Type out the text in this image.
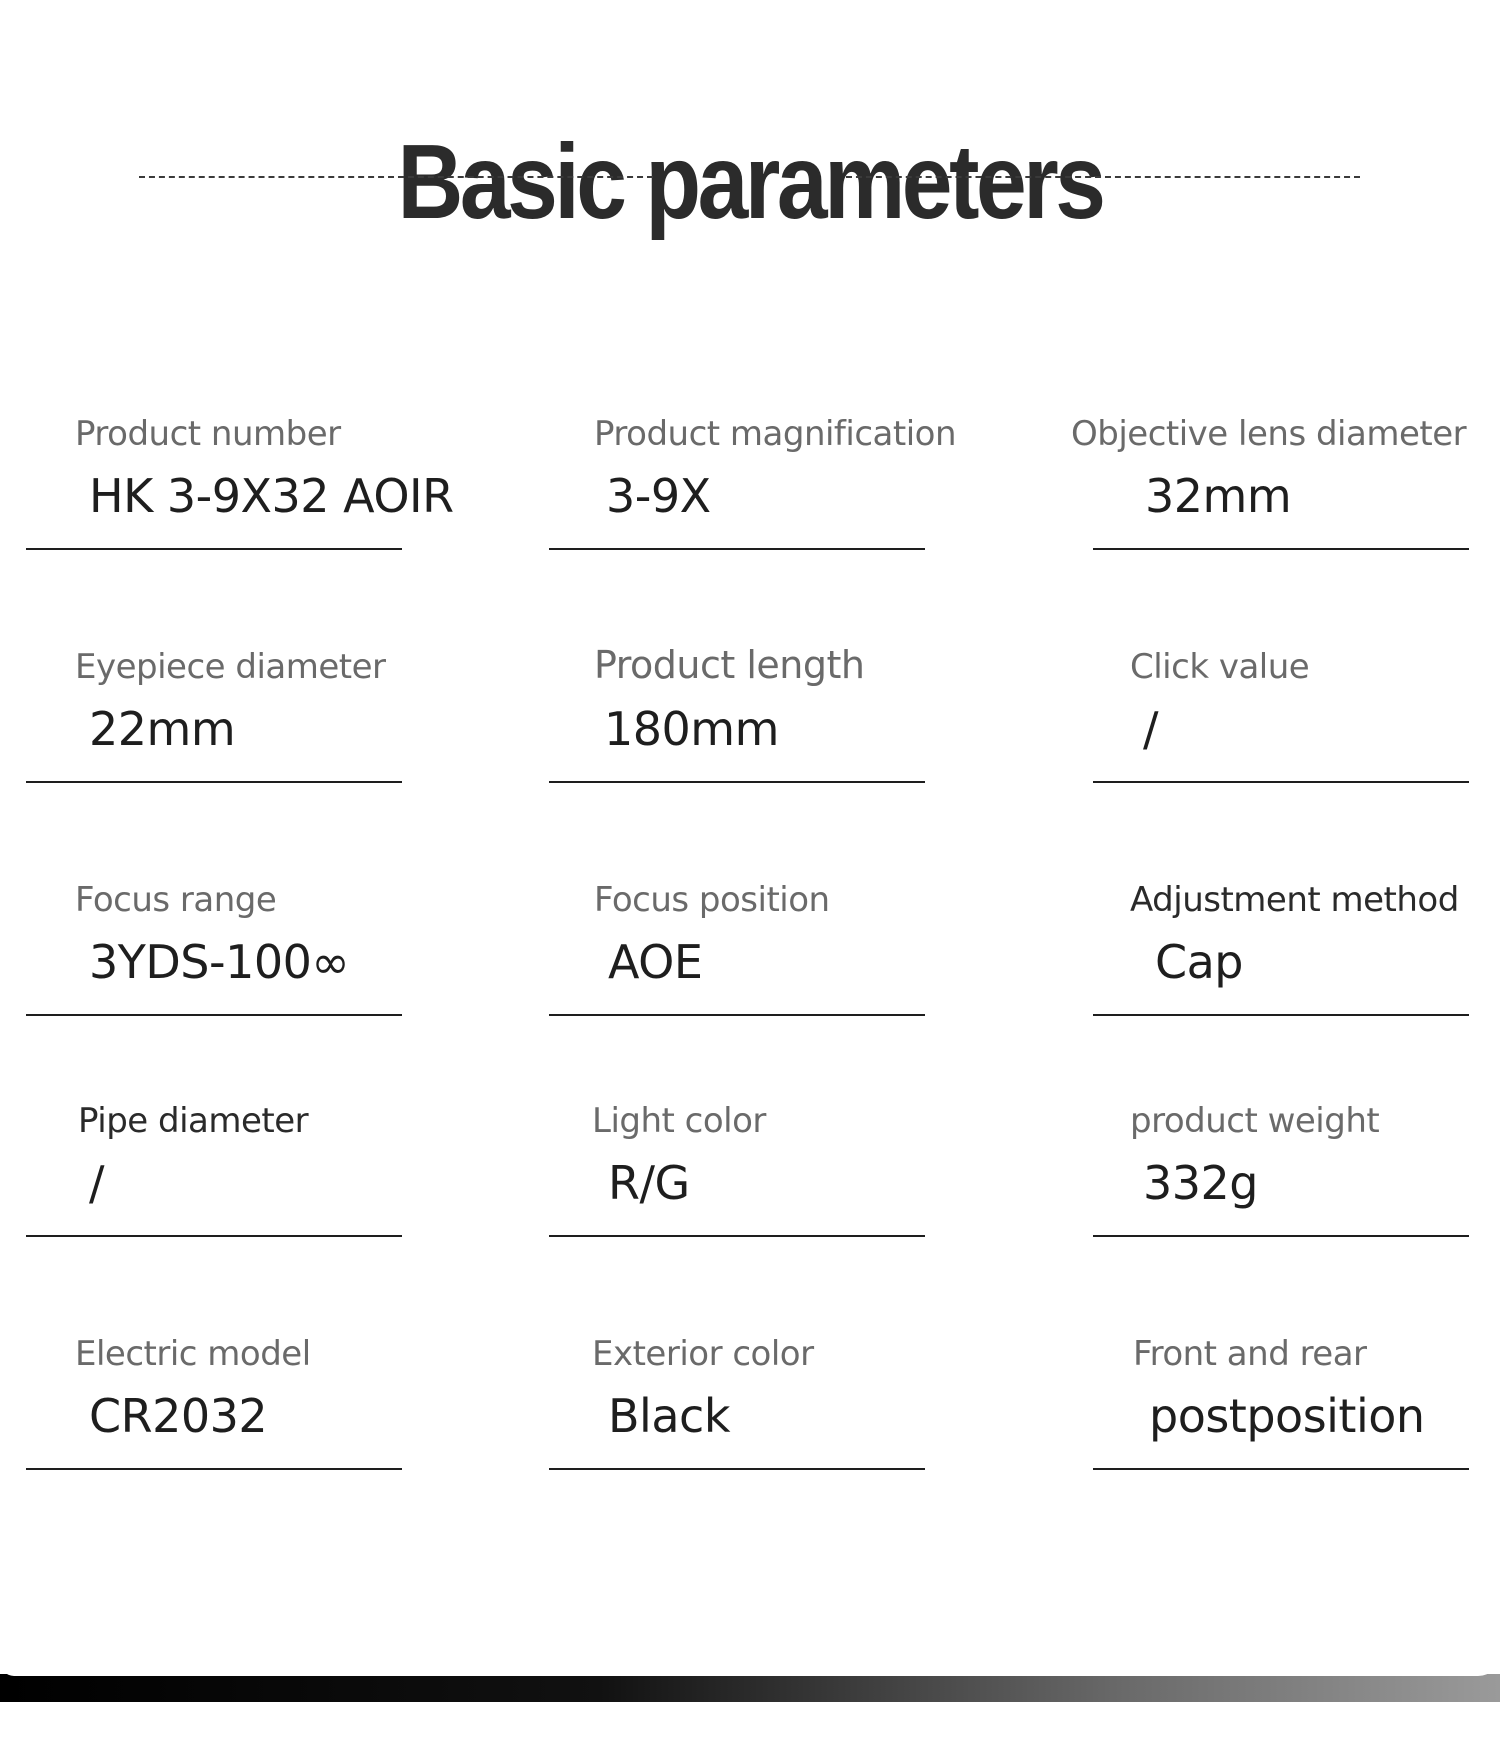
Basic parameters
Product number
HK 3-9X32 AOIR
Product magnification
3-9X
Objective lens diameter
32mm
Eyepiece diameter
22mm
Product length
180mm
Click value
/
Focus range
3YDS-100∞
Focus position
AOE
Adjustment method
Cap
Pipe diameter
/
Light color
R/G
product weight
332g
Electric model
CR2032
Exterior color
Black
Front and rear
postposition
